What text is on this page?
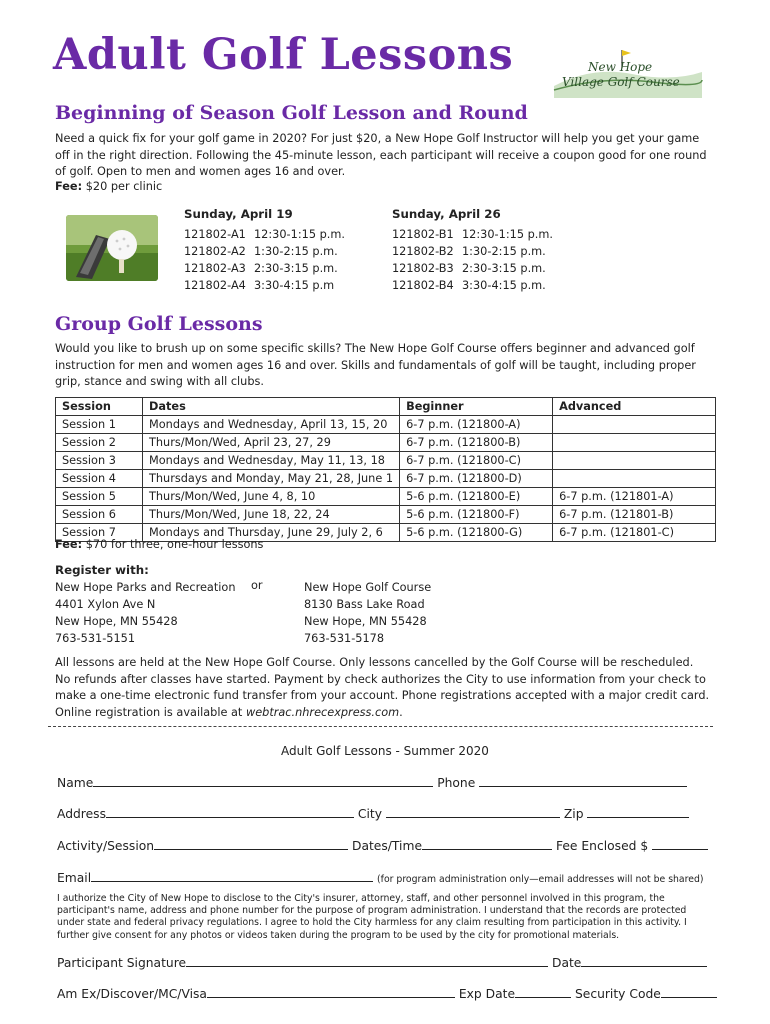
Adult Golf Lessons	New Hope
Village Golf Course
Beginning of Season Golf Lesson and Round

Need a quick fix for your golf game in 2020? For just $20, a New Hope Golf Instructor will help you get your game off in the right direction. Following the 45-minute lesson, each participant will receive a coupon good for one round of golf. Open to men and women ages 16 and over.

Fee: $20 per clinic
Sunday, April 19
121802-A1 12:30-1:15 p.m.
121802-A2 1:30-2:15 p.m.
121802-A3 2:30-3:15 p.m.
121802-A4 3:30-4:15 p.m
Sunday, April 26
121802-B1 12:30-1:15 p.m.
121802-B2 1:30-2:15 p.m.
121802-B3 2:30-3:15 p.m.
121802-B4 3:30-4:15 p.m.
Group Golf Lessons

Would you like to brush up on some specific skills? The New Hope Golf Course offers beginner and advanced golf instruction for men and women ages 16 and over. Skills and fundamentals of golf will be taught, including proper grip, stance and swing with all clubs.

Session	Dates	Beginner	Advanced
Session 1	Mondays and Wednesday, April 13, 15, 20	6-7 p.m. (121800-A)	
Session 2	Thurs/Mon/Wed, April 23, 27, 29	6-7 p.m. (121800-B)	
Session 3	Mondays and Wednesday, May 11, 13, 18	6-7 p.m. (121800-C)	
Session 4	Thursdays and Monday, May 21, 28, June 1	6-7 p.m. (121800-D)	
Session 5	Thurs/Mon/Wed, June 4, 8, 10	5-6 p.m. (121800-E)	6-7 p.m. (121801-A)
Session 6	Thurs/Mon/Wed, June 18, 22, 24	5-6 p.m. (121800-F)	6-7 p.m. (121801-B)
Session 7	Mondays and Thursday, June 29, July 2, 6	5-6 p.m. (121800-G)	6-7 p.m. (121801-C)
Fee: $70 for three, one-hour lessons
Register with:
New Hope Parks and Recreation
4401 Xylon Ave N
New Hope, MN 55428
763-531-5151
or	New Hope Golf Course
8130 Bass Lake Road
New Hope, MN 55428
763-531-5178
All lessons are held at the New Hope Golf Course. Only lessons cancelled by the Golf Course will be rescheduled.
No refunds after classes have started. Payment by check authorizes the City to use information from your check to make a one-time electronic fund transfer from your account. Phone registrations accepted with a major credit card.
Online registration is available at webtrac.nhrecexpress.com.
Adult Golf Lessons - Summer 2020
Name	Phone
Address	City	Zip
Activity/Session	Dates/Time	Fee Enclosed $
Email	(for program administration only—email addresses will not be shared)

I authorize the City of New Hope to disclose to the City's insurer, attorney, staff, and other personnel involved in this program, the participant's name, address and phone number for the purpose of program administration. I understand that the records are protected under state and federal privacy regulations. I agree to hold the City harmless for any claim resulting from participation in this activity. I further give consent for any photos or videos taken during the program to be used by the city for promotional materials.

Participant Signature	Date
Am Ex/Discover/MC/Visa	Exp Date	Security Code
